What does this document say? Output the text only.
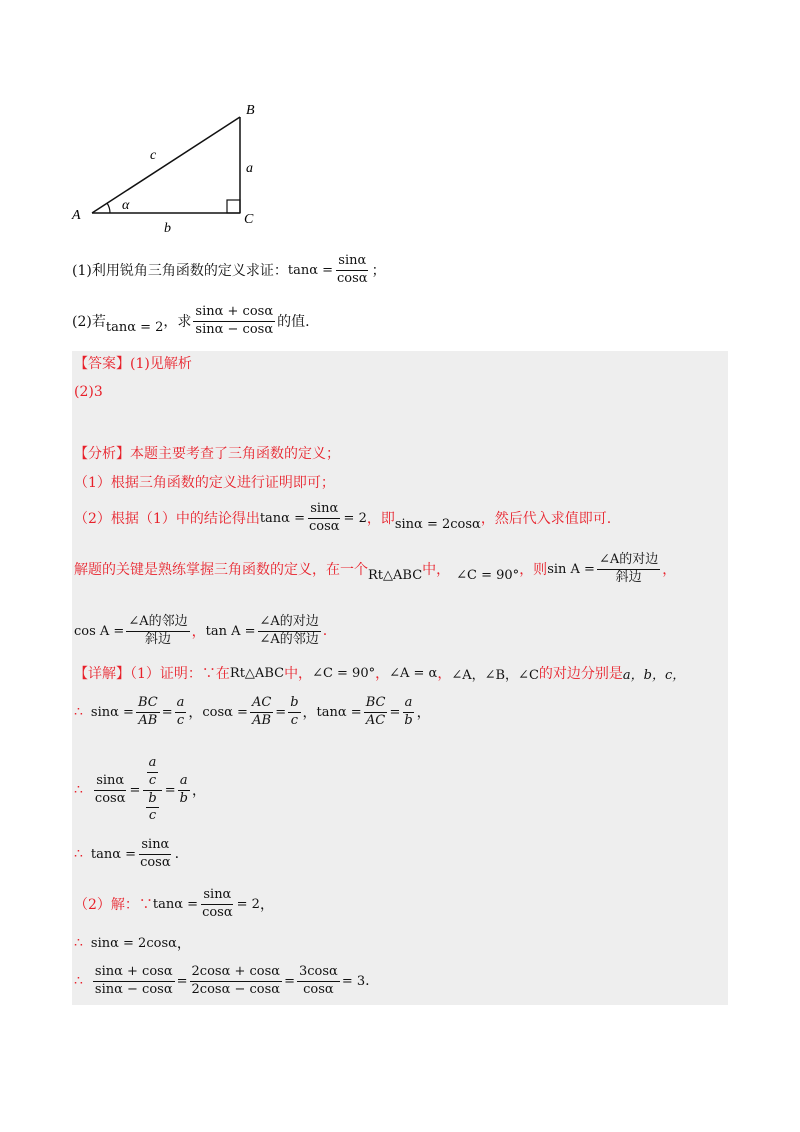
A
B
C
c
a
b
α
(1)利用锐角三角函数的定义求证： $\tan\alpha = \frac{\sin\alpha}{\cos\alpha}$ ；
(2)若 tanα = 2 ，求 $\frac{\sin\alpha + \cos\alpha}{\sin\alpha - \cos\alpha}$ 的值.
【答案】(1)见解析
(2)3
【分析】本题主要考查了三角函数的定义；
（1）根据三角函数的定义进行证明即可；
（2）根据（1）中的结论得出 $\tan\alpha = \frac{\sin\alpha}{\cos\alpha} = 2$ ，即 sinα = 2cosα ，然后代入求值即可.
解题的关键是熟练掌握三角函数的定义，在一个 Rt△ABC 中， ∠C = 90° ，则 $\sin A = \frac{\text{∠A的对边}}{\text{斜边}}$ ，
$\cos A = \frac{\text{∠A的邻边}}{\text{斜边}}$ ， $\tan A = \frac{\text{∠A的对边}}{\text{∠A的邻边}}$ .
【详解】（1）证明：∵在 Rt△ABC 中， ∠C = 90° ， ∠A = α ， ∠A，∠B，∠C 的对边分别是 a，b，c，
∴ $\sin\alpha = \frac{BC}{AB} = \frac{a}{c}$ ， $\cos\alpha = \frac{AC}{AB} = \frac{b}{c}$ ， $\tan\alpha = \frac{BC}{AC} = \frac{a}{b}$ ，
∴ $\frac{\sin\alpha}{\cos\alpha} = \frac{\frac{a}{c}}{\frac{b}{c}} = \frac{a}{b}$ ，
∴ $\tan\alpha = \frac{\sin\alpha}{\cos\alpha}$ .
（2）解：∵ $\tan\alpha = \frac{\sin\alpha}{\cos\alpha} = 2$ ，
∴ sinα = 2cosα ，
∴ $\frac{\sin\alpha + \cos\alpha}{\sin\alpha - \cos\alpha} = \frac{2\cos\alpha + \cos\alpha}{2\cos\alpha - \cos\alpha} = \frac{3\cos\alpha}{\cos\alpha} = 3$ .
